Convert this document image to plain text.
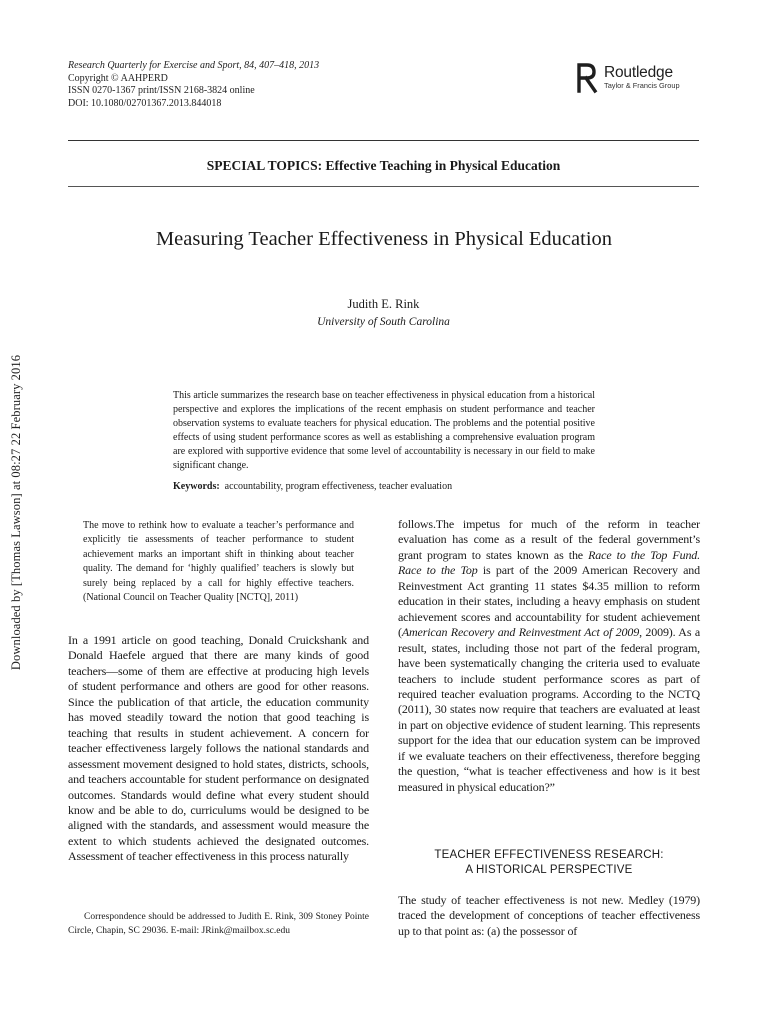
Downloaded by [Thomas Lawson] at 08:27 22 February 2016
Research Quarterly for Exercise and Sport, 84, 407–418, 2013
Copyright © AAHPERD
ISSN 0270-1367 print/ISSN 2168-3824 online
DOI: 10.1080/02701367.2013.844018
Routledge
Taylor & Francis Group
SPECIAL TOPICS: Effective Teaching in Physical Education
Measuring Teacher Effectiveness in Physical Education
Judith E. Rink
University of South Carolina
This article summarizes the research base on teacher effectiveness in physical education from a historical perspective and explores the implications of the recent emphasis on student performance and teacher observation systems to evaluate teachers for physical education. The problems and the potential positive effects of using student performance scores as well as establishing a comprehensive evaluation program are explored with supportive evidence that some level of accountability is necessary in our field to make significant change.
Keywords: accountability, program effectiveness, teacher evaluation
The move to rethink how to evaluate a teacher’s performance and explicitly tie assessments of teacher performance to student achievement marks an important shift in thinking about teacher quality. The demand for ‘highly qualified’ teachers is slowly but surely being replaced by a call for highly effective teachers. (National Council on Teacher Quality [NCTQ], 2011)
In a 1991 article on good teaching, Donald Cruickshank and Donald Haefele argued that there are many kinds of good teachers—some of them are effective at producing high levels of student performance and others are good for other reasons. Since the publication of that article, the education community has moved steadily toward the notion that good teaching is teaching that results in student achievement. A concern for teacher effectiveness largely follows the national standards and assessment movement designed to hold states, districts, schools, and teachers accountable for student performance on designated outcomes. Standards would define what every student should know and be able to do, curriculums would be designed to be aligned with the standards, and assessment would measure the extent to which students achieved the designated outcomes. Assessment of teacher effectiveness in this process naturally
Correspondence should be addressed to Judith E. Rink, 309 Stoney Pointe Circle, Chapin, SC 29036. E-mail: JRink@mailbox.sc.edu
follows.The impetus for much of the reform in teacher evaluation has come as a result of the federal government’s grant program to states known as the Race to the Top Fund. Race to the Top is part of the 2009 American Recovery and Reinvestment Act granting 11 states $4.35 million to reform education in their states, including a heavy emphasis on student achievement scores and accountability for student achievement (American Recovery and Reinvestment Act of 2009, 2009). As a result, states, including those not part of the federal program, have been systematically changing the criteria used to evaluate teachers to include student performance scores as part of required teacher evaluation programs. According to the NCTQ (2011), 30 states now require that teachers are evaluated at least in part on objective evidence of student learning. This represents support for the idea that our education system can be improved if we evaluate teachers on their effectiveness, therefore begging the question, “what is teacher effectiveness and how is it best measured in physical education?”
TEACHER EFFECTIVENESS RESEARCH:
A HISTORICAL PERSPECTIVE
The study of teacher effectiveness is not new. Medley (1979) traced the development of conceptions of teacher effectiveness up to that point as: (a) the possessor of
